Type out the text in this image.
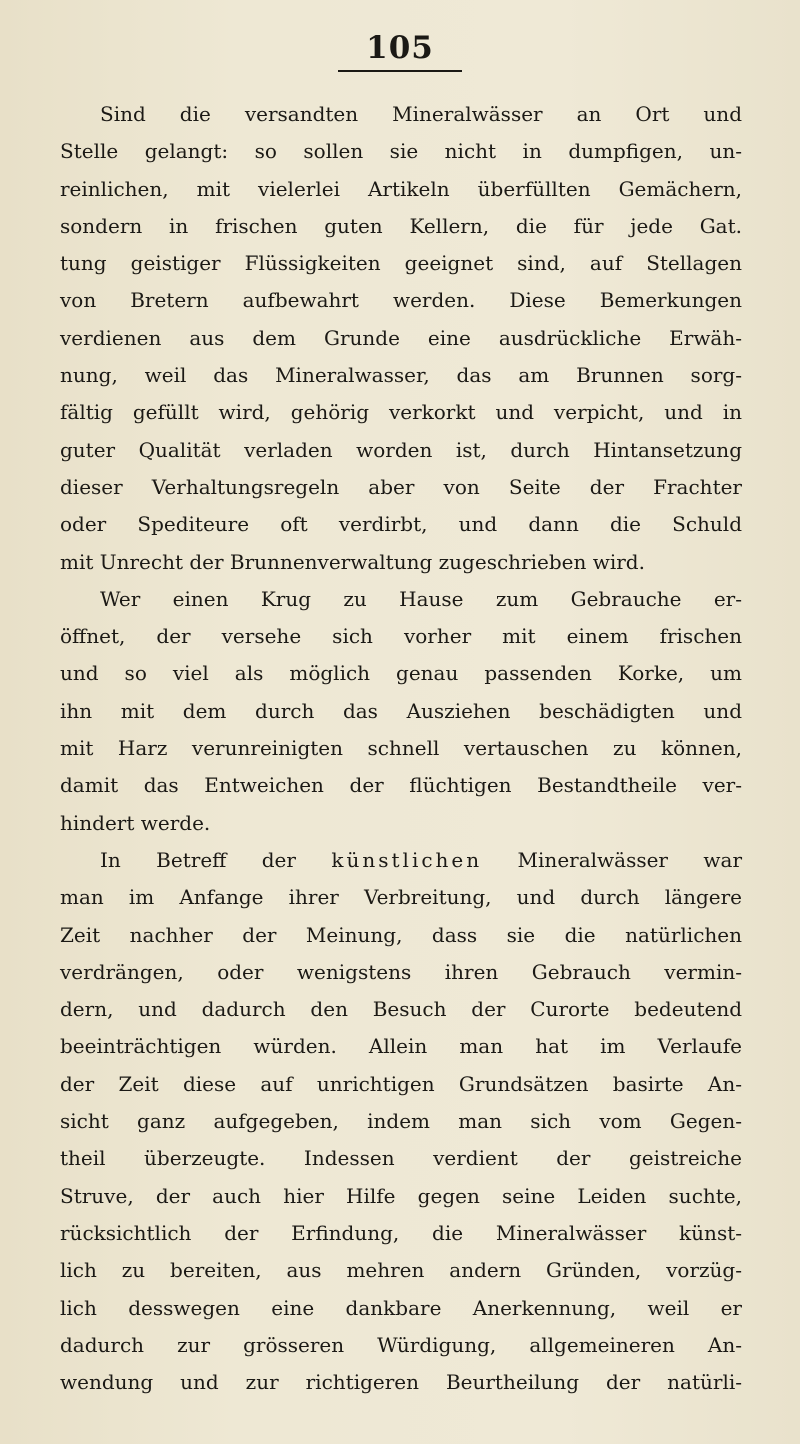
105
Sind die versandten Mineralwässer an Ort und
Stelle gelangt: so sollen sie nicht in dumpfigen, un-
reinlichen, mit vielerlei Artikeln überfüllten Gemächern,
sondern in frischen guten Kellern, die für jede Gat.
tung geistiger Flüssigkeiten geeignet sind, auf Stellagen
von Bretern aufbewahrt werden. Diese Bemerkungen
verdienen aus dem Grunde eine ausdrückliche Erwäh-
nung, weil das Mineralwasser, das am Brunnen sorg-
fältig gefüllt wird, gehörig verkorkt und verpicht, und in
guter Qualität verladen worden ist, durch Hintansetzung
dieser Verhaltungsregeln aber von Seite der Frachter
oder Spediteure oft verdirbt, und dann die Schuld
mit Unrecht der Brunnenverwaltung zugeschrieben wird.
Wer einen Krug zu Hause zum Gebrauche er-
öffnet, der versehe sich vorher mit einem frischen
und so viel als möglich genau passenden Korke, um
ihn mit dem durch das Ausziehen beschädigten und
mit Harz verunreinigten schnell vertauschen zu können,
damit das Entweichen der flüchtigen Bestandtheile ver-
hindert werde.
In Betreff der künstlichen Mineralwässer war
man im Anfange ihrer Verbreitung, und durch längere
Zeit nachher der Meinung, dass sie die natürlichen
verdrängen, oder wenigstens ihren Gebrauch vermin-
dern, und dadurch den Besuch der Curorte bedeutend
beeinträchtigen würden. Allein man hat im Verlaufe
der Zeit diese auf unrichtigen Grundsätzen basirte An-
sicht ganz aufgegeben, indem man sich vom Gegen-
theil überzeugte. Indessen verdient der geistreiche
Struve, der auch hier Hilfe gegen seine Leiden suchte,
rücksichtlich der Erfindung, die Mineralwässer künst-
lich zu bereiten, aus mehren andern Gründen, vorzüg-
lich desswegen eine dankbare Anerkennung, weil er
dadurch zur grösseren Würdigung, allgemeineren An-
wendung und zur richtigeren Beurtheilung der natürli-
